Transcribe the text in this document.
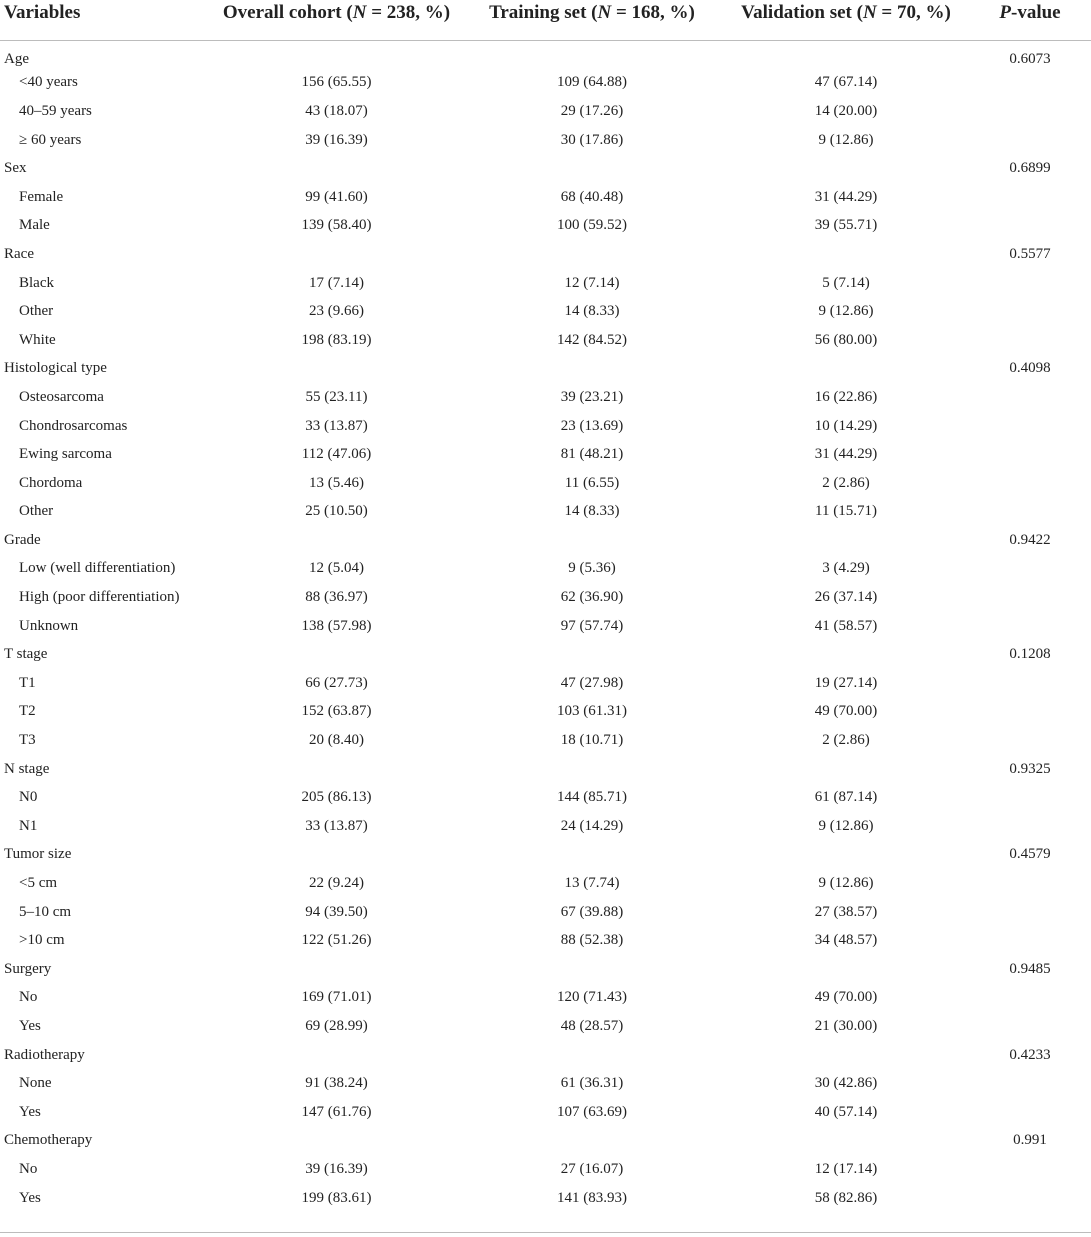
Variables	Overall cohort (N = 238, %)	Training set (N = 168, %)	Validation set (N = 70, %)	P-value
Age				0.6073
<40 years	156 (65.55)	109 (64.88)	47 (67.14)	
40–59 years	43 (18.07)	29 (17.26)	14 (20.00)	
≥ 60 years	39 (16.39)	30 (17.86)	9 (12.86)	
Sex				0.6899
Female	99 (41.60)	68 (40.48)	31 (44.29)	
Male	139 (58.40)	100 (59.52)	39 (55.71)	
Race				0.5577
Black	17 (7.14)	12 (7.14)	5 (7.14)	
Other	23 (9.66)	14 (8.33)	9 (12.86)	
White	198 (83.19)	142 (84.52)	56 (80.00)	
Histological type				0.4098
Osteosarcoma	55 (23.11)	39 (23.21)	16 (22.86)	
Chondrosarcomas	33 (13.87)	23 (13.69)	10 (14.29)	
Ewing sarcoma	112 (47.06)	81 (48.21)	31 (44.29)	
Chordoma	13 (5.46)	11 (6.55)	2 (2.86)	
Other	25 (10.50)	14 (8.33)	11 (15.71)	
Grade				0.9422
Low (well differentiation)	12 (5.04)	9 (5.36)	3 (4.29)	
High (poor differentiation)	88 (36.97)	62 (36.90)	26 (37.14)	
Unknown	138 (57.98)	97 (57.74)	41 (58.57)	
T stage				0.1208
T1	66 (27.73)	47 (27.98)	19 (27.14)	
T2	152 (63.87)	103 (61.31)	49 (70.00)	
T3	20 (8.40)	18 (10.71)	2 (2.86)	
N stage				0.9325
N0	205 (86.13)	144 (85.71)	61 (87.14)	
N1	33 (13.87)	24 (14.29)	9 (12.86)	
Tumor size				0.4579
<5 cm	22 (9.24)	13 (7.74)	9 (12.86)	
5–10 cm	94 (39.50)	67 (39.88)	27 (38.57)	
>10 cm	122 (51.26)	88 (52.38)	34 (48.57)	
Surgery				0.9485
No	169 (71.01)	120 (71.43)	49 (70.00)	
Yes	69 (28.99)	48 (28.57)	21 (30.00)	
Radiotherapy				0.4233
None	91 (38.24)	61 (36.31)	30 (42.86)	
Yes	147 (61.76)	107 (63.69)	40 (57.14)	
Chemotherapy				0.991
No	39 (16.39)	27 (16.07)	12 (17.14)	
Yes	199 (83.61)	141 (83.93)	58 (82.86)	
